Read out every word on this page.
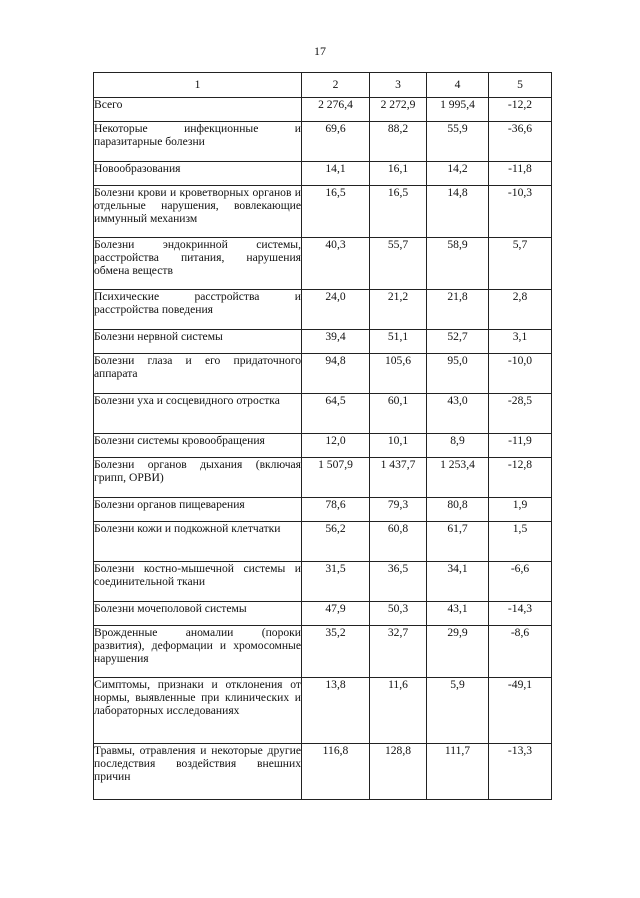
17
1	2	3	4	5
Всего	2 276,4	2 272,9	1 995,4	-12,2
Некоторые инфекционные и паразитарные болезни	69,6	88,2	55,9	-36,6
Новообразования	14,1	16,1	14,2	-11,8
Болезни крови и кроветворных органов и отдельные нарушения, вовлекающие иммунный механизм	16,5	16,5	14,8	-10,3
Болезни эндокринной системы, расстройства питания, нарушения обмена веществ	40,3	55,7	58,9	5,7
Психические расстройства и расстройства поведения	24,0	21,2	21,8	2,8
Болезни нервной системы	39,4	51,1	52,7	3,1
Болезни глаза и его придаточного аппарата	94,8	105,6	95,0	-10,0
Болезни уха и сосцевидного отростка	64,5	60,1	43,0	-28,5
Болезни системы кровообращения	12,0	10,1	8,9	-11,9
Болезни органов дыхания (включая грипп, ОРВИ)	1 507,9	1 437,7	1 253,4	-12,8
Болезни органов пищеварения	78,6	79,3	80,8	1,9
Болезни кожи и подкожной клетчатки	56,2	60,8	61,7	1,5
Болезни костно-мышечной системы и соединительной ткани	31,5	36,5	34,1	-6,6
Болезни мочеполовой системы	47,9	50,3	43,1	-14,3
Врожденные аномалии (пороки развития), деформации и хромосомные нарушения	35,2	32,7	29,9	-8,6
Симптомы, признаки и отклонения от нормы, выявленные при клинических и лабораторных исследованиях	13,8	11,6	5,9	-49,1
Травмы, отравления и некоторые другие последствия воздействия внешних причин	116,8	128,8	111,7	-13,3
